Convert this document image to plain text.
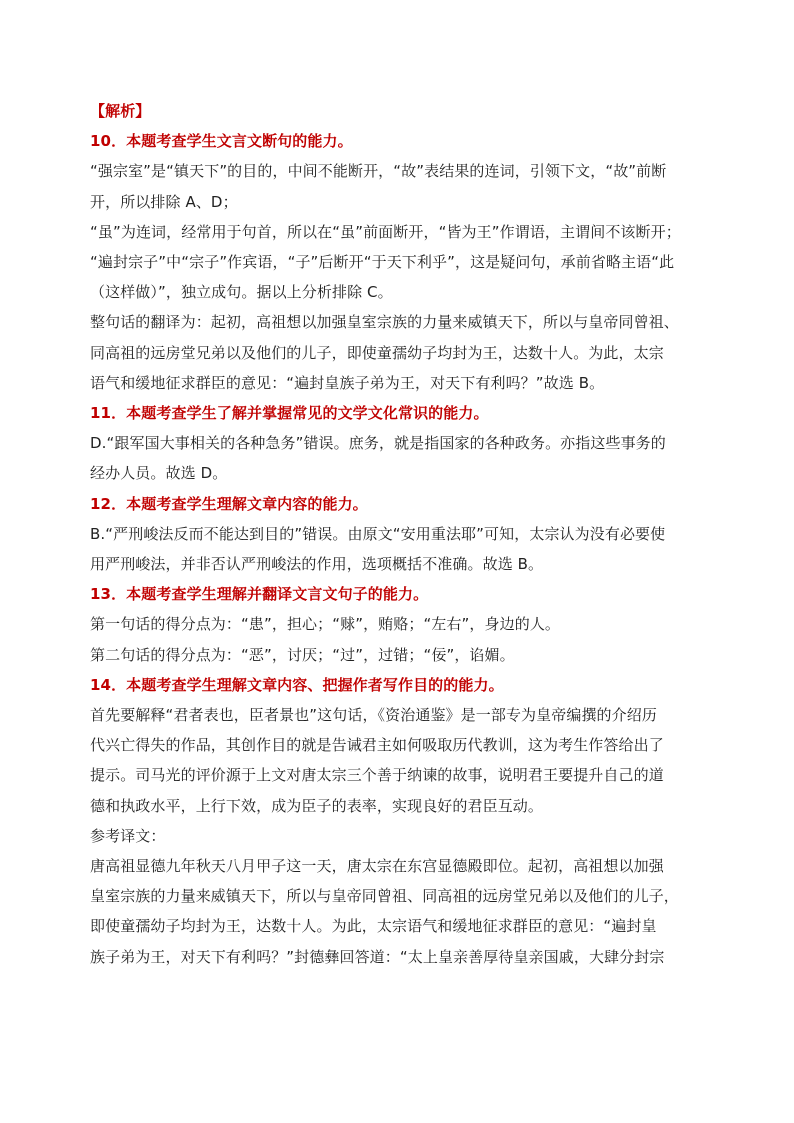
【解析】
10．本题考查学生文言文断句的能力。
“强宗室”是“镇天下”的目的，中间不能断开，“故”表结果的连词，引领下文，“故”前断
开，所以排除 A、D；
“虽”为连词，经常用于句首，所以在“虽”前面断开，“皆为王”作谓语，主谓间不该断开；
“遍封宗子”中“宗子”作宾语，“子”后断开“于天下利乎”，这是疑问句，承前省略主语“此
（这样做）”，独立成句。据以上分析排除 C。
整句话的翻译为：起初，高祖想以加强皇室宗族的力量来威镇天下，所以与皇帝同曾祖、
同高祖的远房堂兄弟以及他们的儿子，即使童孺幼子均封为王，达数十人。为此，太宗
语气和缓地征求群臣的意见：“遍封皇族子弟为王，对天下有利吗？”故选 B。
11．本题考查学生了解并掌握常见的文学文化常识的能力。
D.“跟军国大事相关的各种急务”错误。庶务，就是指国家的各种政务。亦指这些事务的
经办人员。故选 D。
12．本题考查学生理解文章内容的能力。
B.“严刑峻法反而不能达到目的”错误。由原文“安用重法耶”可知，太宗认为没有必要使
用严刑峻法，并非否认严刑峻法的作用，选项概括不准确。故选 B。
13．本题考查学生理解并翻译文言文句子的能力。
第一句话的得分点为：“患”，担心；“赇”，贿赂；“左右”，身边的人。
第二句话的得分点为：“恶”，讨厌；“过”，过错；“佞”，谄媚。
14．本题考查学生理解文章内容、把握作者写作目的的能力。
首先要解释“君者表也，臣者景也”这句话，《资治通鉴》是一部专为皇帝编撰的介绍历
代兴亡得失的作品，其创作目的就是告诫君主如何吸取历代教训，这为考生作答给出了
提示。司马光的评价源于上文对唐太宗三个善于纳谏的故事，说明君王要提升自己的道
德和执政水平，上行下效，成为臣子的表率，实现良好的君臣互动。
参考译文：
唐高祖显德九年秋天八月甲子这一天，唐太宗在东宫显德殿即位。起初，高祖想以加强
皇室宗族的力量来威镇天下，所以与皇帝同曾祖、同高祖的远房堂兄弟以及他们的儿子，
即使童孺幼子均封为王，达数十人。为此，太宗语气和缓地征求群臣的意见：“遍封皇
族子弟为王，对天下有利吗？”封德彝回答道：“太上皇亲善厚待皇亲国戚，大肆分封宗
